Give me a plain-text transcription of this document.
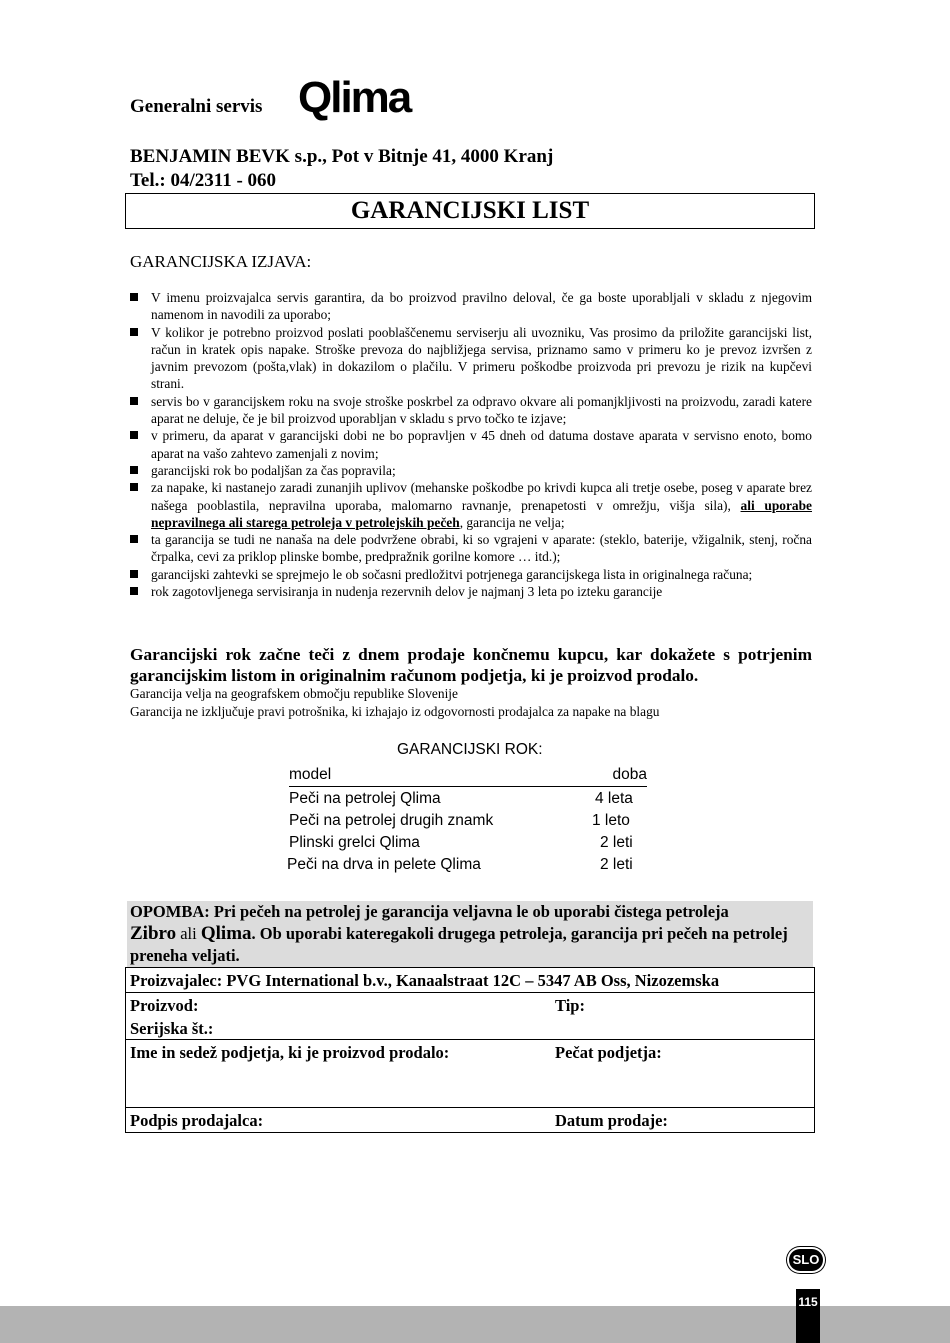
Generalni servis Qlima
BENJAMIN BEVK s.p., Pot v Bitnje 41, 4000 Kranj
Tel.: 04/2311 - 060
GARANCIJSKI LIST
GARANCIJSKA IZJAVA:
V imenu proizvajalca servis garantira, da bo proizvod pravilno deloval, če ga boste uporabljali v skladu z njegovim namenom in navodili za uporabo;
V kolikor je potrebno proizvod poslati pooblaščenemu serviserju ali uvozniku, Vas prosimo da priložite garancijski list, račun in kratek opis napake. Stroške prevoza do najbližjega servisa, priznamo samo v primeru ko je prevoz izvršen z javnim prevozom (pošta,vlak) in dokazilom o plačilu. V primeru poškodbe proizvoda pri prevozu je rizik na kupčevi strani.
servis bo v garancijskem roku na svoje stroške poskrbel za odpravo okvare ali pomanjkljivosti na proizvodu, zaradi katere aparat ne deluje, če je bil proizvod uporabljan v skladu s prvo točko te izjave;
v primeru, da aparat v garancijski dobi ne bo popravljen v 45 dneh od datuma dostave aparata v servisno enoto, bomo aparat na vašo zahtevo zamenjali z novim;
garancijski rok bo podaljšan za čas popravila;
za napake, ki nastanejo zaradi zunanjih uplivov (mehanske poškodbe po krivdi kupca ali tretje osebe, poseg v aparate brez našega pooblastila, nepravilna uporaba, malomarno ravnanje, prenapetosti v omrežju, višja sila), ali uporabe nepravilnega ali starega petroleja v petrolejskih pečeh, garancija ne velja;
ta garancija se tudi ne nanaša na dele podvržene obrabi, ki so vgrajeni v aparate: (steklo, baterije, vžigalnik, stenj, ročna črpalka, cevi za priklop plinske bombe, predpražnik gorilne komore … itd.);
garancijski zahtevki se sprejmejo le ob sočasni predložitvi potrjenega garancijskega lista in originalnega računa;
rok zagotovljenega servisiranja in nudenja rezervnih delov je najmanj 3 leta po izteku garancije
Garancijski rok začne teči z dnem prodaje končnemu kupcu, kar dokažete s potrjenim garancijskim listom in originalnim računom podjetja, ki je proizvod prodalo.
Garancija velja na geografskem območju republike Slovenije
Garancija ne izključuje pravi potrošnika, ki izhajajo iz odgovornosti prodajalca za napake na blagu
GARANCIJSKI ROK:
model	doba
Peči na petrolej Qlima	4 leta
Peči na petrolej drugih znamk	1 leto
Plinski grelci Qlima	2 leti
Peči na drva in pelete Qlima	2 leti
OPOMBA: Pri pečeh na petrolej je garancija veljavna le ob uporabi čistega petroleja
Zibro ali Qlima. Ob uporabi kateregakoli drugega petroleja, garancija pri pečeh na petrolej preneha veljati.
Proizvajalec: PVG International b.v., Kanaalstraat 12C – 5347 AB Oss, Nizozemska
Proizvod:	Tip:
Serijska št.:
Ime in sedež podjetja, ki je proizvod prodalo:	Pečat podjetja:
Podpis prodajalca:	Datum prodaje:
SLO
115
